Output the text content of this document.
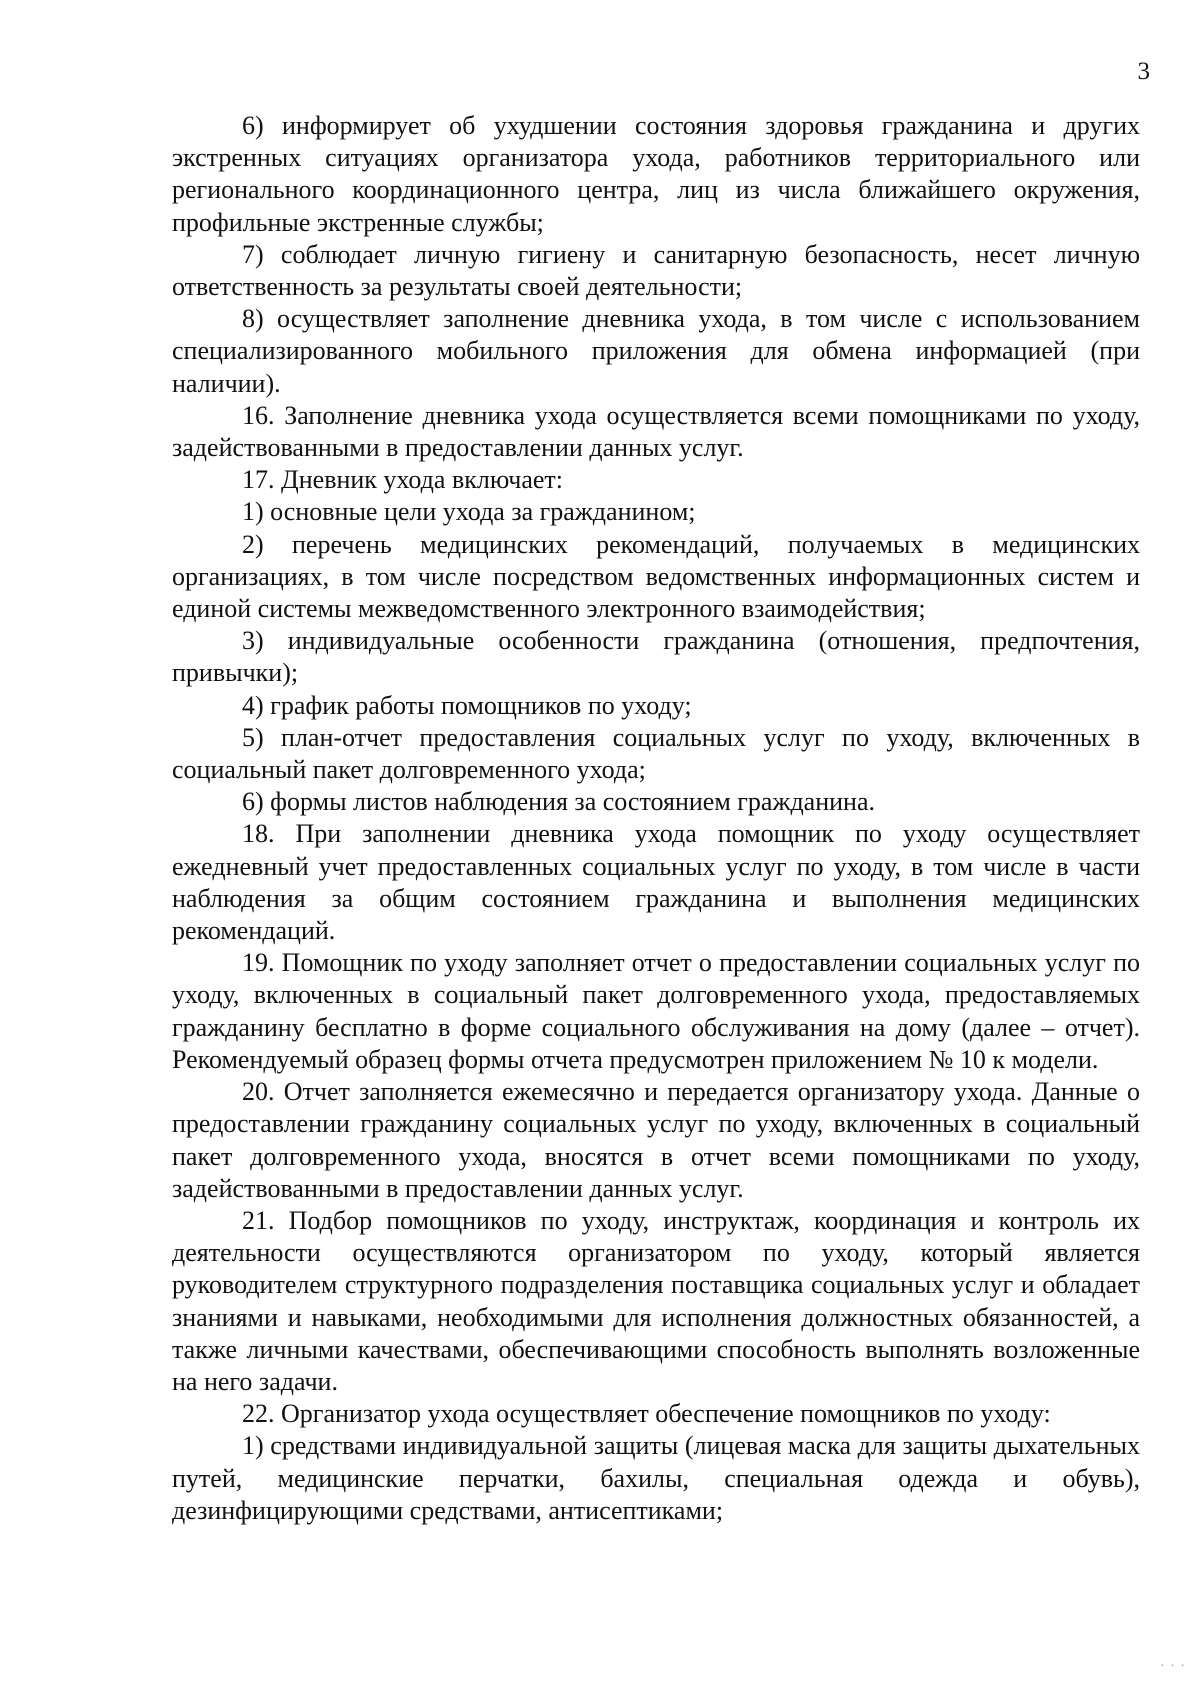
3

6) информирует об ухудшении состояния здоровья гражданина и других экстренных ситуациях организатора ухода, работников территориального или регионального координационного центра, лиц из числа ближайшего окружения, профильные экстренные службы;

7) соблюдает личную гигиену и санитарную безопасность, несет личную ответственность за результаты своей деятельности;

8) осуществляет заполнение дневника ухода, в том числе с использованием специализированного мобильного приложения для обмена информацией (при наличии).

16. Заполнение дневника ухода осуществляется всеми помощниками по уходу, задействованными в предоставлении данных услуг.

17. Дневник ухода включает:

1) основные цели ухода за гражданином;

2) перечень медицинских рекомендаций, получаемых в медицинских организациях, в том числе посредством ведомственных информационных систем и единой системы межведомственного электронного взаимодействия;

3) индивидуальные особенности гражданина (отношения, предпочтения, привычки);

4) график работы помощников по уходу;

5) план-отчет предоставления социальных услуг по уходу, включенных в социальный пакет долговременного ухода;

6) формы листов наблюдения за состоянием гражданина.

18. При заполнении дневника ухода помощник по уходу осуществляет ежедневный учет предоставленных социальных услуг по уходу, в том числе в части наблюдения за общим состоянием гражданина и выполнения медицинских рекомендаций.

19. Помощник по уходу заполняет отчет о предоставлении социальных услуг по уходу, включенных в социальный пакет долговременного ухода, предоставляемых гражданину бесплатно в форме социального обслуживания на дому (далее – отчет). Рекомендуемый образец формы отчета предусмотрен приложением № 10 к модели.

20. Отчет заполняется ежемесячно и передается организатору ухода. Данные о предоставлении гражданину социальных услуг по уходу, включенных в социальный пакет долговременного ухода, вносятся в отчет всеми помощниками по уходу, задействованными в предоставлении данных услуг.

21. Подбор помощников по уходу, инструктаж, координация и контроль их деятельности осуществляются организатором по уходу, который является руководителем структурного подразделения поставщика социальных услуг и обладает знаниями и навыками, необходимыми для исполнения должностных обязанностей, а также личными качествами, обеспечивающими способность выполнять возложенные на него задачи.

22. Организатор ухода осуществляет обеспечение помощников по уходу:

1) средствами индивидуальной защиты (лицевая маска для защиты дыхательных путей, медицинские перчатки, бахилы, специальная одежда и обувь), дезинфицирующими средствами, антисептиками;

· · ·
